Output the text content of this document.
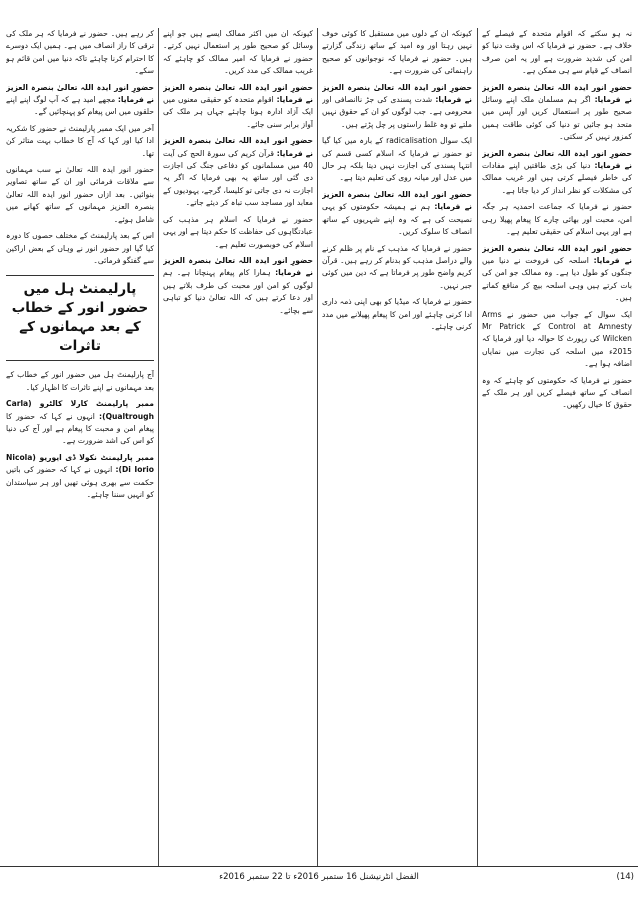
نہ ہو سکتے کہ اقوام متحدہ کے فیصلے کے خلاف ہے۔ حضور نے فرمایا کہ اس وقت دنیا کو امن کی شدید ضرورت ہے اور یہ امن صرف انصاف کے قیام سے ہی ممکن ہے۔

حضورِ انور ایدہ اللہ تعالیٰ بنصرہ العزیز نے فرمایا: اگر ہم مسلمان ملک اپنے وسائل صحیح طور پر استعمال کریں اور آپس میں متحد ہو جائیں تو دنیا کی کوئی طاقت ہمیں کمزور نہیں کر سکتی۔

حضورِ انور ایدہ اللہ تعالیٰ بنصرہ العزیز نے فرمایا: دنیا کی بڑی طاقتیں اپنے مفادات کی خاطر فیصلے کرتی ہیں اور غریب ممالک کی مشکلات کو نظر انداز کر دیا جاتا ہے۔

حضور نے فرمایا کہ جماعت احمدیہ ہر جگہ امن، محبت اور بھائی چارے کا پیغام پھیلا رہی ہے اور یہی اسلام کی حقیقی تعلیم ہے۔

حضورِ انور ایدہ اللہ تعالیٰ بنصرہ العزیز نے فرمایا: اسلحہ کی فروخت نے دنیا میں جنگوں کو طول دیا ہے۔ وہ ممالک جو امن کی بات کرتے ہیں وہی اسلحہ بیچ کر منافع کماتے ہیں۔

ایک سوال کے جواب میں حضور نے Arms Control at Amnesty کے Mr Patrick Wilcken کی رپورٹ کا حوالہ دیا اور فرمایا کہ 2015ء میں اسلحہ کی تجارت میں نمایاں اضافہ ہوا ہے۔

حضور نے فرمایا کہ حکومتوں کو چاہئے کہ وہ انصاف کے ساتھ فیصلے کریں اور ہر ملک کے حقوق کا خیال رکھیں۔

کیونکہ ان کے دلوں میں مستقبل کا کوئی خوف نہیں رہتا اور وہ امید کے ساتھ زندگی گزارتے ہیں۔ حضور نے فرمایا کہ نوجوانوں کو صحیح راہنمائی کی ضرورت ہے۔

حضورِ انور ایدہ اللہ تعالیٰ بنصرہ العزیز نے فرمایا: شدت پسندی کی جڑ ناانصافی اور محرومی ہے۔ جب لوگوں کو ان کے حقوق نہیں ملتے تو وہ غلط راستوں پر چل پڑتے ہیں۔

ایک سوال radicalisation کے بارہ میں کیا گیا تو حضور نے فرمایا کہ اسلام کسی قسم کی انتہا پسندی کی اجازت نہیں دیتا بلکہ ہر حال میں عدل اور میانہ روی کی تعلیم دیتا ہے۔

حضورِ انور ایدہ اللہ تعالیٰ بنصرہ العزیز نے فرمایا: ہم نے ہمیشہ حکومتوں کو یہی نصیحت کی ہے کہ وہ اپنے شہریوں کے ساتھ انصاف کا سلوک کریں۔

حضور نے فرمایا کہ مذہب کے نام پر ظلم کرنے والے دراصل مذہب کو بدنام کر رہے ہیں۔ قرآن کریم واضح طور پر فرماتا ہے کہ دین میں کوئی جبر نہیں۔

حضور نے فرمایا کہ میڈیا کو بھی اپنی ذمہ داری ادا کرنی چاہئے اور امن کا پیغام پھیلانے میں مدد کرنی چاہئے۔

کیونکہ ان میں اکثر ممالک ایسے ہیں جو اپنے وسائل کو صحیح طور پر استعمال نہیں کرتے۔ حضور نے فرمایا کہ امیر ممالک کو چاہئے کہ غریب ممالک کی مدد کریں۔

حضورِ انور ایدہ اللہ تعالیٰ بنصرہ العزیز نے فرمایا: اقوام متحدہ کو حقیقی معنوں میں ایک آزاد ادارہ ہونا چاہئے جہاں ہر ملک کی آواز برابر سنی جائے۔

حضورِ انور ایدہ اللہ تعالیٰ بنصرہ العزیز نے فرمایا: قرآن کریم کی سورۃ الحج کی آیت 40 میں مسلمانوں کو دفاعی جنگ کی اجازت دی گئی اور ساتھ یہ بھی فرمایا کہ اگر یہ اجازت نہ دی جاتی تو کلیسا، گرجے، یہودیوں کے معابد اور مساجد سب تباہ کر دیئے جاتے۔

حضور نے فرمایا کہ اسلام ہر مذہب کی عبادتگاہوں کی حفاظت کا حکم دیتا ہے اور یہی اسلام کی خوبصورت تعلیم ہے۔

حضورِ انور ایدہ اللہ تعالیٰ بنصرہ العزیز نے فرمایا: ہمارا کام پیغام پہنچانا ہے۔ ہم لوگوں کو امن اور محبت کی طرف بلاتے ہیں اور دعا کرتے ہیں کہ اللہ تعالیٰ دنیا کو تباہی سے بچائے۔

کر رہے ہیں۔ حضور نے فرمایا کہ ہر ملک کی ترقی کا راز انصاف میں ہے۔ ہمیں ایک دوسرے کا احترام کرنا چاہئے تاکہ دنیا میں امن قائم ہو سکے۔

حضورِ انور ایدہ اللہ تعالیٰ بنصرہ العزیز نے فرمایا: مجھے امید ہے کہ آپ لوگ اپنے اپنے حلقوں میں اس پیغام کو پہنچائیں گے۔

آخر میں ایک ممبر پارلیمنٹ نے حضور کا شکریہ ادا کیا اور کہا کہ آج کا خطاب بہت متاثر کن تھا۔

حضور انور ایدہ اللہ تعالیٰ نے سب مہمانوں سے ملاقات فرمائی اور ان کے ساتھ تصاویر بنوائیں۔ بعد ازاں حضور انور ایدہ اللہ تعالیٰ بنصرہ العزیز مہمانوں کے ساتھ کھانے میں شامل ہوئے۔

اس کے بعد پارلیمنٹ کے مختلف حصوں کا دورہ کیا گیا اور حضور انور نے وہاں کے بعض اراکین سے گفتگو فرمائی۔

پارلیمنٹ ہل میں حضور انور کے خطاب کے بعد مہمانوں کے تاثرات

آج پارلیمنٹ ہل میں حضور انور کے خطاب کے بعد مہمانوں نے اپنے تاثرات کا اظہار کیا۔

ممبر پارلیمنٹ کارلا کالٹرو (Carla Qualtrough): انہوں نے کہا کہ حضور کا پیغام امن و محبت کا پیغام ہے اور آج کی دنیا کو اس کی اشد ضرورت ہے۔

ممبر پارلیمنٹ نکولا ڈی ایوریو (Nicola Di Iorio): انہوں نے کہا کہ حضور کی باتیں حکمت سے بھری ہوئی تھیں اور ہر سیاستدان کو انہیں سننا چاہئے۔

الفضل انٹرنیشنل 16 ستمبر 2016ء تا 22 ستمبر 2016ء	(14)
